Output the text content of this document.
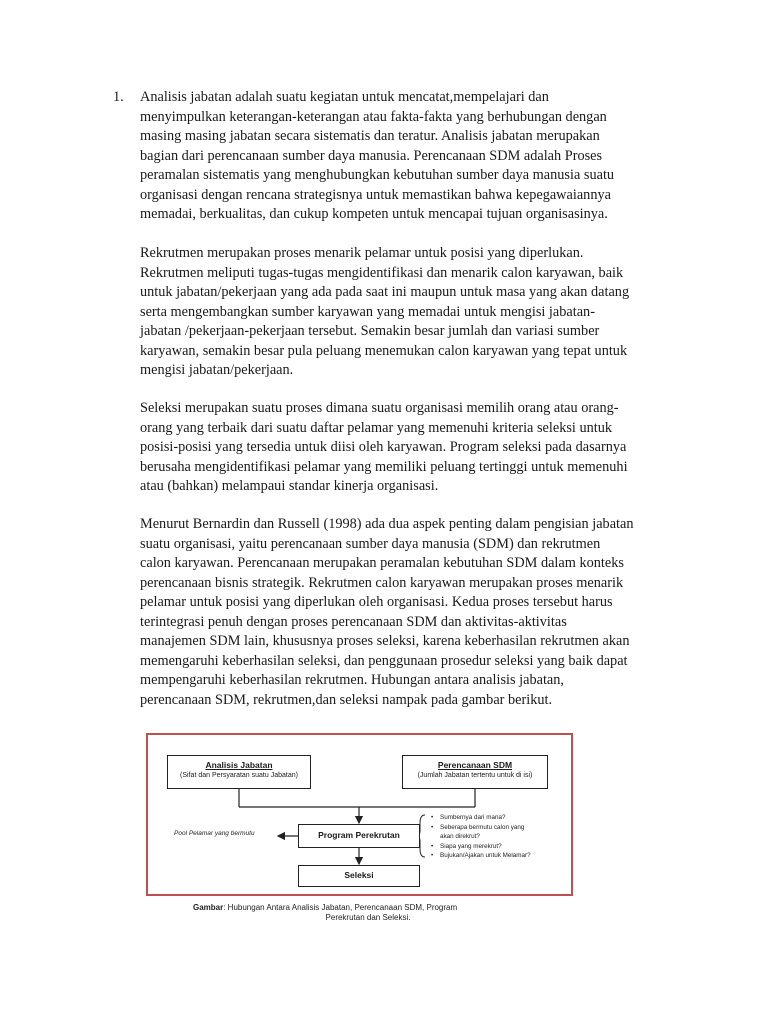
1. Analisis jabatan adalah suatu kegiatan untuk mencatat,mempelajari dan
menyimpulkan keterangan-keterangan atau fakta-fakta yang berhubungan dengan
masing masing jabatan secara sistematis dan teratur. Analisis jabatan merupakan
bagian dari perencanaan sumber daya manusia. Perencanaan SDM adalah Proses
peramalan sistematis yang menghubungkan kebutuhan sumber daya manusia suatu
organisasi dengan rencana strategisnya untuk memastikan bahwa kepegawaiannya
memadai, berkualitas, dan cukup kompeten untuk mencapai tujuan organisasinya.
Rekrutmen merupakan proses menarik pelamar untuk posisi yang diperlukan.
Rekrutmen meliputi tugas-tugas mengidentifikasi dan menarik calon karyawan, baik
untuk jabatan/pekerjaan yang ada pada saat ini maupun untuk masa yang akan datang
serta mengembangkan sumber karyawan yang memadai untuk mengisi jabatan-
jabatan /pekerjaan-pekerjaan tersebut. Semakin besar jumlah dan variasi sumber
karyawan, semakin besar pula peluang menemukan calon karyawan yang tepat untuk
mengisi jabatan/pekerjaan.
Seleksi merupakan suatu proses dimana suatu organisasi memilih orang atau orang-
orang yang terbaik dari suatu daftar pelamar yang memenuhi kriteria seleksi untuk
posisi-posisi yang tersedia untuk diisi oleh karyawan. Program seleksi pada dasarnya
berusaha mengidentifikasi pelamar yang memiliki peluang tertinggi untuk memenuhi
atau (bahkan) melampaui standar kinerja organisasi.
Menurut Bernardin dan Russell (1998) ada dua aspek penting dalam pengisian jabatan
suatu organisasi, yaitu perencanaan sumber daya manusia (SDM) dan rekrutmen
calon karyawan. Perencanaan merupakan peramalan kebutuhan SDM dalam konteks
perencanaan bisnis strategik. Rekrutmen calon karyawan merupakan proses menarik
pelamar untuk posisi yang diperlukan oleh organisasi. Kedua proses tersebut harus
terintegrasi penuh dengan proses perencanaan SDM dan aktivitas-aktivitas
manajemen SDM lain, khususnya proses seleksi, karena keberhasilan rekrutmen akan
memengaruhi keberhasilan seleksi, dan penggunaan prosedur seleksi yang baik dapat
mempengaruhi keberhasilan rekrutmen. Hubungan antara analisis jabatan,
perencanaan SDM, rekrutmen,dan seleksi nampak pada gambar berikut.
Analisis Jabatan
(Sifat dan Persyaratan suatu Jabatan)
Perencanaan SDM
(Jumlah Jabatan tertentu untuk di isi)
Program Perekrutan
Seleksi
Pool Pelamar yang bermutu
• Sumbernya dari mana?
• Seberapa bermutu calon yang
akan direkrut?
• Siapa yang merekrut?
• Bujukan/Ajakan untuk Melamar?
Gambar: Hubungan Antara Analisis Jabatan, Perencanaan SDM, Program
Perekrutan dan Seleksi.
